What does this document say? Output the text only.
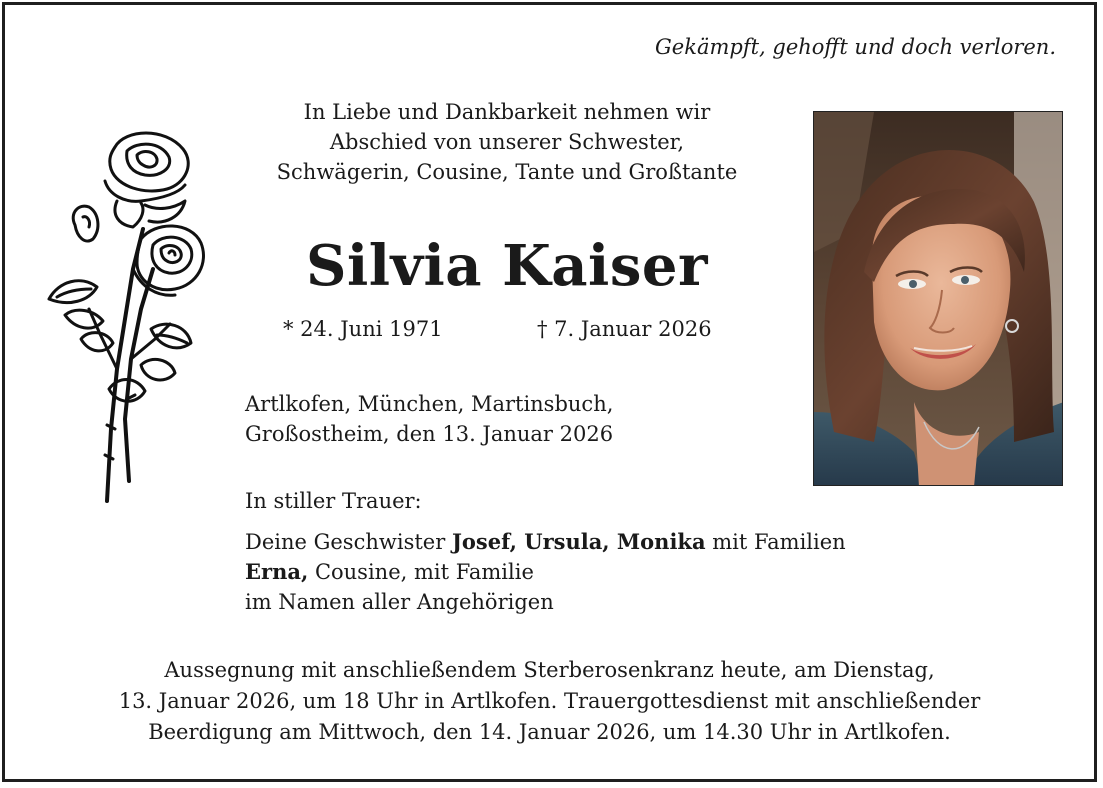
Gekämpft, gehofft und doch verloren.
In Liebe und Dankbarkeit nehmen wir
Abschied von unserer Schwester,
Schwägerin, Cousine, Tante und Großtante
Silvia Kaiser
* 24. Juni 1971	† 7. Januar 2026
Artlkofen, München, Martinsbuch,
Großostheim, den 13. Januar 2026
In stiller Trauer:
Deine Geschwister Josef, Ursula, Monika mit Familien
Erna, Cousine, mit Familie
im Namen aller Angehörigen
Aussegnung mit anschließendem Sterberosenkranz heute, am Dienstag,
13. Januar 2026, um 18 Uhr in Artlkofen. Trauergottesdienst mit anschließender
Beerdigung am Mittwoch, den 14. Januar 2026, um 14.30 Uhr in Artlkofen.
